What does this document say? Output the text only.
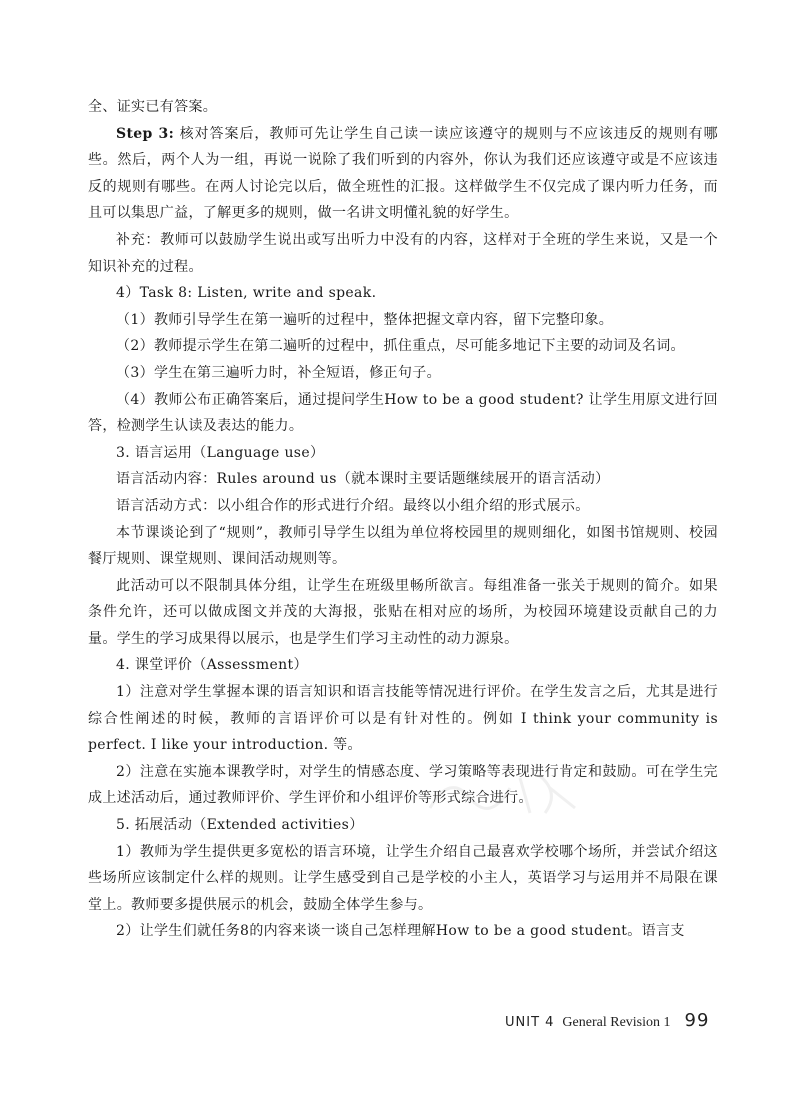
全、证实已有答案。

Step 3: 核对答案后，教师可先让学生自己读一读应该遵守的规则与不应该违反的规则有哪些。然后，两个人为一组，再说一说除了我们听到的内容外，你认为我们还应该遵守或是不应该违反的规则有哪些。在两人讨论完以后，做全班性的汇报。这样做学生不仅完成了课内听力任务，而且可以集思广益，了解更多的规则，做一名讲文明懂礼貌的好学生。

补充：教师可以鼓励学生说出或写出听力中没有的内容，这样对于全班的学生来说，又是一个知识补充的过程。

4）Task 8: Listen, write and speak.

（1）教师引导学生在第一遍听的过程中，整体把握文章内容，留下完整印象。

（2）教师提示学生在第二遍听的过程中，抓住重点，尽可能多地记下主要的动词及名词。

（3）学生在第三遍听力时，补全短语，修正句子。

（4）教师公布正确答案后，通过提问学生How to be a good student? 让学生用原文进行回答，检测学生认读及表达的能力。

3. 语言运用（Language use）

语言活动内容：Rules around us（就本课时主要话题继续展开的语言活动）

语言活动方式：以小组合作的形式进行介绍。最终以小组介绍的形式展示。

本节课谈论到了“规则”，教师引导学生以组为单位将校园里的规则细化，如图书馆规则、校园餐厅规则、课堂规则、课间活动规则等。

此活动可以不限制具体分组，让学生在班级里畅所欲言。每组准备一张关于规则的简介。如果条件允许，还可以做成图文并茂的大海报，张贴在相对应的场所，为校园环境建设贡献自己的力量。学生的学习成果得以展示，也是学生们学习主动性的动力源泉。

4. 课堂评价（Assessment）

1）注意对学生掌握本课的语言知识和语言技能等情况进行评价。在学生发言之后，尤其是进行综合性阐述的时候，教师的言语评价可以是有针对性的。例如 I think your community is perfect. I like your introduction. 等。

2）注意在实施本课教学时，对学生的情感态度、学习策略等表现进行肯定和鼓励。可在学生完成上述活动后，通过教师评价、学生评价和小组评价等形式综合进行。

5. 拓展活动（Extended activities）

1）教师为学生提供更多宽松的语言环境，让学生介绍自己最喜欢学校哪个场所，并尝试介绍这些场所应该制定什么样的规则。让学生感受到自己是学校的小主人，英语学习与运用并不局限在课堂上。教师要多提供展示的机会，鼓励全体学生参与。

2）让学生们就任务8的内容来谈一谈自己怎样理解How to be a good student。语言支

UNIT 4 General Revision 1 99
